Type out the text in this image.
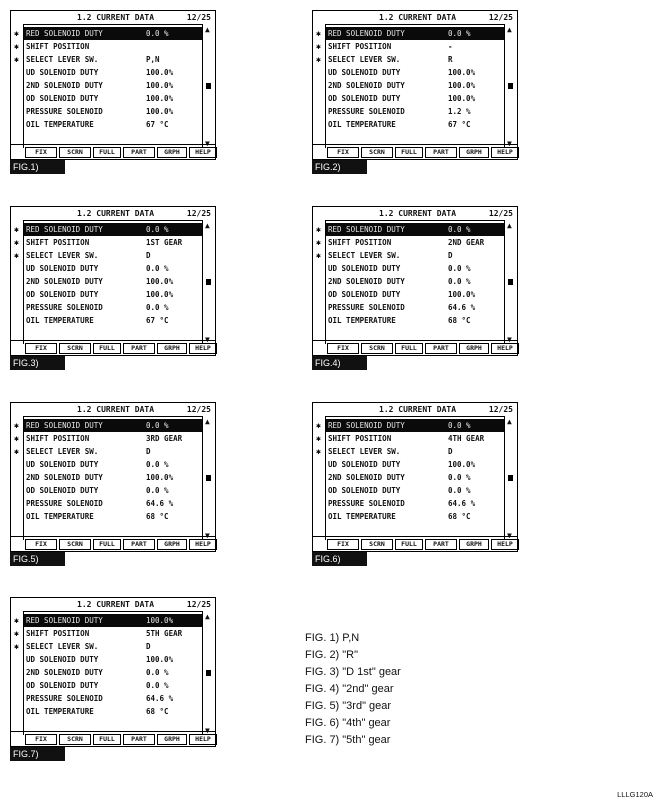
1.2 CURRENT DATA	12/25
✱ RED SOLENOID DUTY	0.0 %
✱ SHIFT POSITION
✱ SELECT LEVER SW.	P,N
UD SOLENOID DUTY	100.0%
2ND SOLENOID DUTY	100.0%
OD SOLENOID DUTY	100.0%
PRESSURE SOLENOID	100.0%
OIL TEMPERATURE	67 °C
▲
▼
FIX	SCRN	FULL	PART	GRPH	HELP
FIG.1)
1.2 CURRENT DATA	12/25
✱ RED SOLENOID DUTY	0.0 %
✱ SHIFT POSITION	-
✱ SELECT LEVER SW.	R
UD SOLENOID DUTY	100.0%
2ND SOLENOID DUTY	100.0%
OD SOLENOID DUTY	100.0%
PRESSURE SOLENOID	1.2 %
OIL TEMPERATURE	67 °C
▲
▼
FIX	SCRN	FULL	PART	GRPH	HELP
FIG.2)
1.2 CURRENT DATA	12/25
✱ RED SOLENOID DUTY	0.0 %
✱ SHIFT POSITION	1ST GEAR
✱ SELECT LEVER SW.	D
UD SOLENOID DUTY	0.0 %
2ND SOLENOID DUTY	100.0%
OD SOLENOID DUTY	100.0%
PRESSURE SOLENOID	0.0 %
OIL TEMPERATURE	67 °C
▲
▼
FIX	SCRN	FULL	PART	GRPH	HELP
FIG.3)
1.2 CURRENT DATA	12/25
✱ RED SOLENOID DUTY	0.0 %
✱ SHIFT POSITION	2ND GEAR
✱ SELECT LEVER SW.	D
UD SOLENOID DUTY	0.0 %
2ND SOLENOID DUTY	0.0 %
OD SOLENOID DUTY	100.0%
PRESSURE SOLENOID	64.6 %
OIL TEMPERATURE	68 °C
▲
▼
FIX	SCRN	FULL	PART	GRPH	HELP
FIG.4)
1.2 CURRENT DATA	12/25
✱ RED SOLENOID DUTY	0.0 %
✱ SHIFT POSITION	3RD GEAR
✱ SELECT LEVER SW.	D
UD SOLENOID DUTY	0.0 %
2ND SOLENOID DUTY	100.0%
OD SOLENOID DUTY	0.0 %
PRESSURE SOLENOID	64.6 %
OIL TEMPERATURE	68 °C
▲
▼
FIX	SCRN	FULL	PART	GRPH	HELP
FIG.5)
1.2 CURRENT DATA	12/25
✱ RED SOLENOID DUTY	0.0 %
✱ SHIFT POSITION	4TH GEAR
✱ SELECT LEVER SW.	D
UD SOLENOID DUTY	100.0%
2ND SOLENOID DUTY	0.0 %
OD SOLENOID DUTY	0.0 %
PRESSURE SOLENOID	64.6 %
OIL TEMPERATURE	68 °C
▲
▼
FIX	SCRN	FULL	PART	GRPH	HELP
FIG.6)
1.2 CURRENT DATA	12/25
✱ RED SOLENOID DUTY	100.0%
✱ SHIFT POSITION	5TH GEAR
✱ SELECT LEVER SW.	D
UD SOLENOID DUTY	100.0%
2ND SOLENOID DUTY	0.0 %
OD SOLENOID DUTY	0.0 %
PRESSURE SOLENOID	64.6 %
OIL TEMPERATURE	68 °C
▲
▼
FIX	SCRN	FULL	PART	GRPH	HELP
FIG.7)
FIG. 1) P,N
FIG. 2) "R"
FIG. 3) "D 1st" gear
FIG. 4) "2nd" gear
FIG. 5) "3rd" gear
FIG. 6) "4th" gear
FIG. 7) "5th" gear
LLLG120A
